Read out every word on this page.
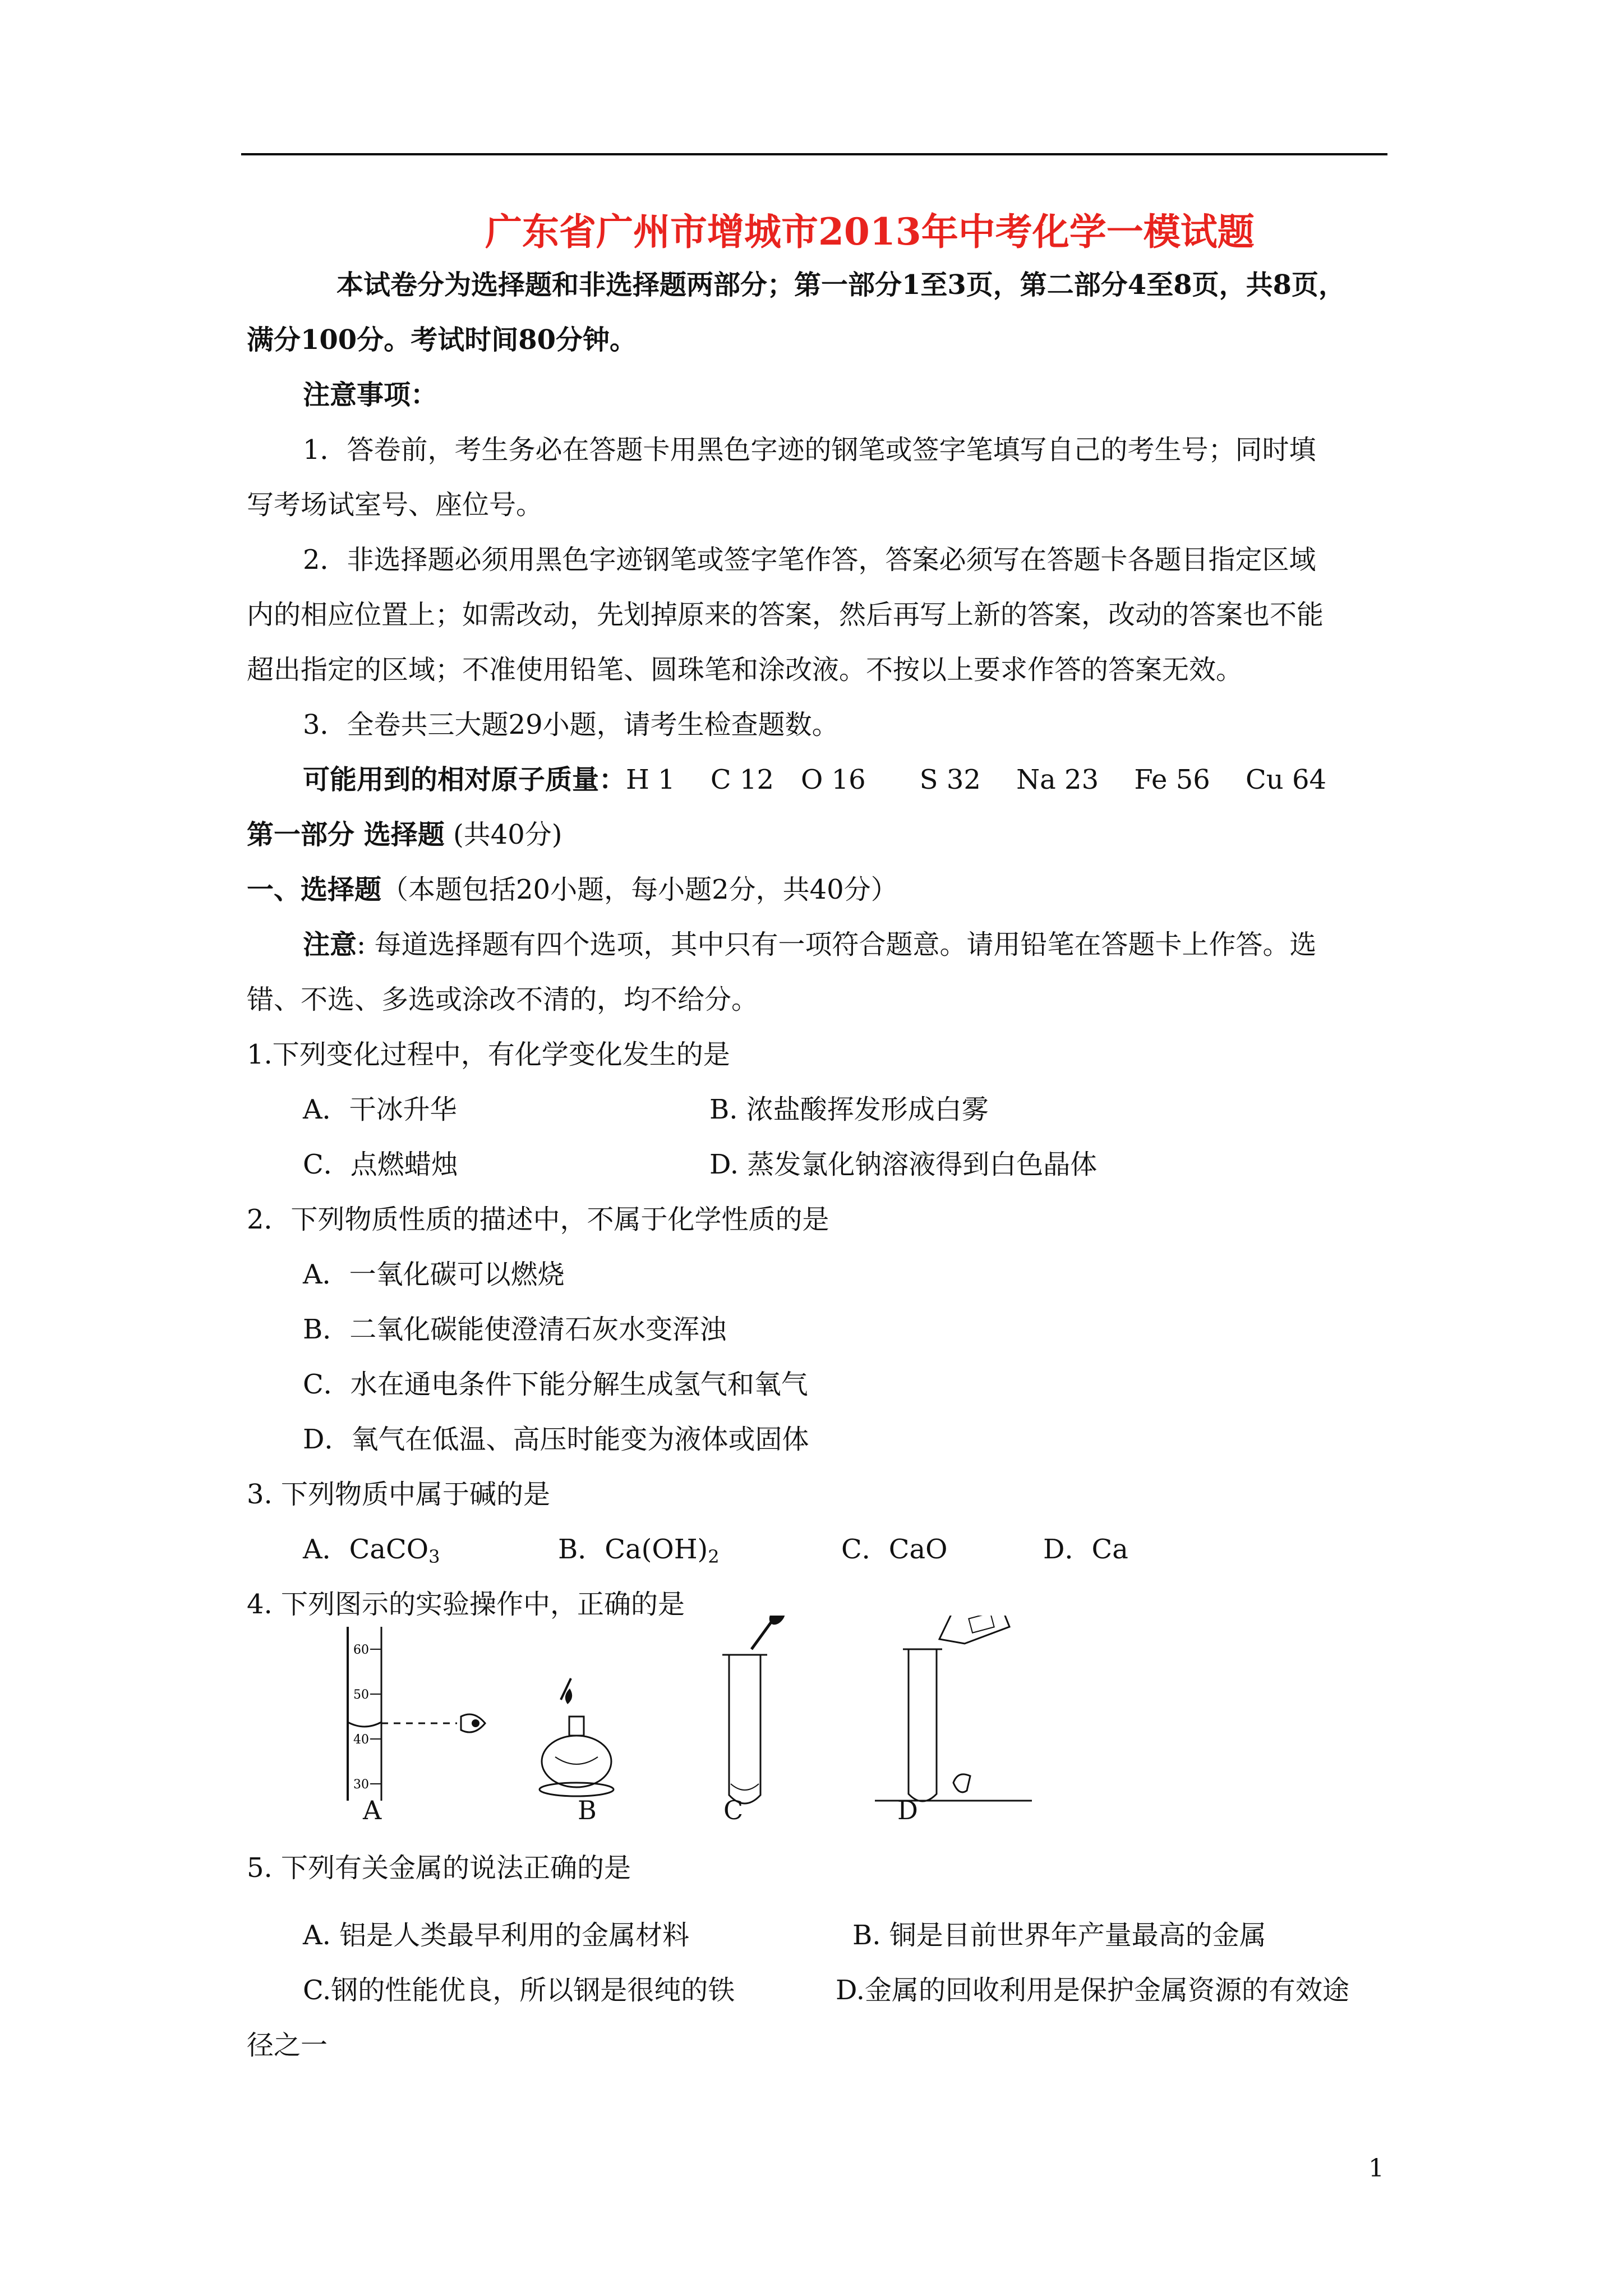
广东省广州市增城市2013年中考化学一模试题
本试卷分为选择题和非选择题两部分；第一部分1至3页，第二部分4至8页，共8页，
满分100分。考试时间80分钟。
注意事项：
1．答卷前，考生务必在答题卡用黑色字迹的钢笔或签字笔填写自己的考生号；同时填
写考场试室号、座位号。
2．非选择题必须用黑色字迹钢笔或签字笔作答，答案必须写在答题卡各题目指定区域
内的相应位置上；如需改动，先划掉原来的答案，然后再写上新的答案，改动的答案也不能
超出指定的区域；不准使用铅笔、圆珠笔和涂改液。不按以上要求作答的答案无效。
3．全卷共三大题29小题，请考生检查题数。
可能用到的相对原子质量：H 1　 C 12　O 16　　S 32　 Na 23　 Fe 56　 Cu 64
第一部分 选择题 (共40分)
一、选择题（本题包括20小题，每小题2分，共40分）
注意: 每道选择题有四个选项，其中只有一项符合题意。请用铅笔在答题卡上作答。选
错、不选、多选或涂改不清的，均不给分。
1.下列变化过程中，有化学变化发生的是
A．干冰升华	B. 浓盐酸挥发形成白雾
C．点燃蜡烛	D. 蒸发氯化钠溶液得到白色晶体
2．下列物质性质的描述中，不属于化学性质的是
A．一氧化碳可以燃烧
B．二氧化碳能使澄清石灰水变浑浊
C．水在通电条件下能分解生成氢气和氧气
D．氧气在低温、高压时能变为液体或固体
3. 下列物质中属于碱的是
A．CaCO$_3$	B．$Ca(OH)_2$	C．CaO	D．Ca
4. 下列图示的实验操作中，正确的是
60
50
40
30
A	B	C	D
5. 下列有关金属的说法正确的是
A. 铝是人类最早利用的金属材料	B. 铜是目前世界年产量最高的金属
C.钢的性能优良，所以钢是很纯的铁	D.金属的回收利用是保护金属资源的有效途
径之一
1
